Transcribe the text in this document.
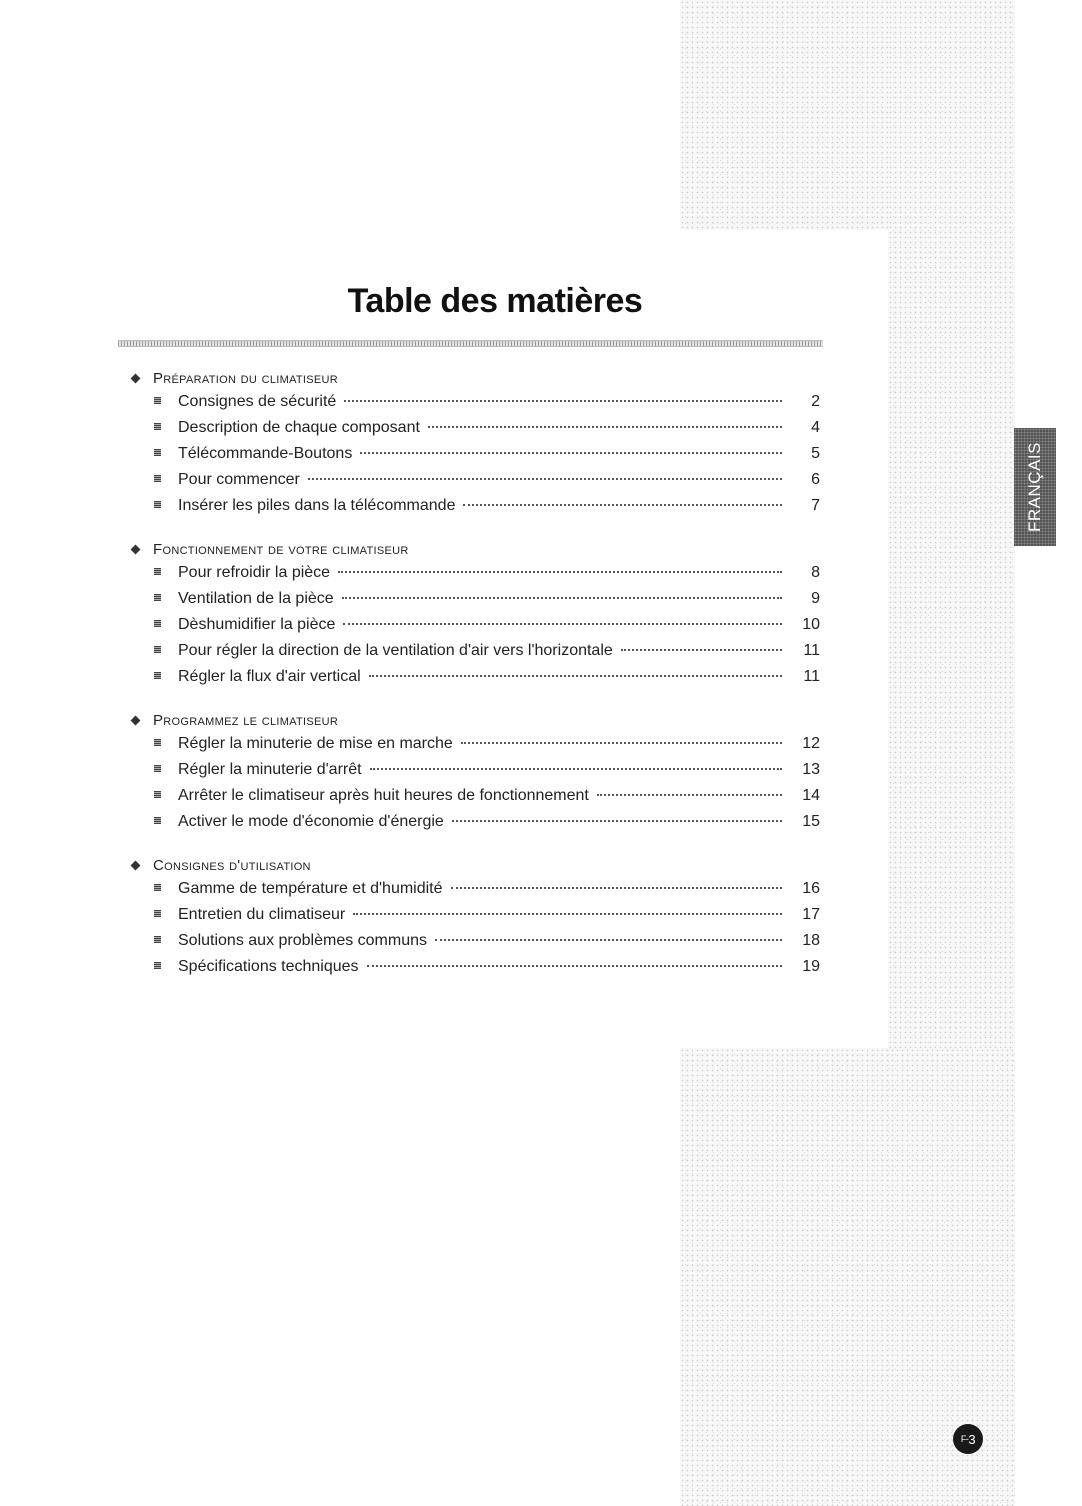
FRANÇAIS
Table des matières
Préparation du climatiseur
Consignes de sécurité	2
Description de chaque composant	4
Télécommande-Boutons	5
Pour commencer	6
Insérer les piles dans la télécommande	7
Fonctionnement de votre climatiseur
Pour refroidir la pièce	8
Ventilation de la pièce	9
Dèshumidifier la pièce	10
Pour régler la direction de la ventilation d'air vers l'horizontale	11
Régler la flux d'air vertical	11
Programmez le climatiseur
Régler la minuterie de mise en marche	12
Régler la minuterie d'arrêt	13
Arrêter le climatiseur après huit heures de fonctionnement	14
Activer le mode d'économie d'énergie	15
Consignes d'utilisation
Gamme de température et d'humidité	16
Entretien du climatiseur	17
Solutions aux problèmes communs	18
Spécifications techniques	19
F- 3
